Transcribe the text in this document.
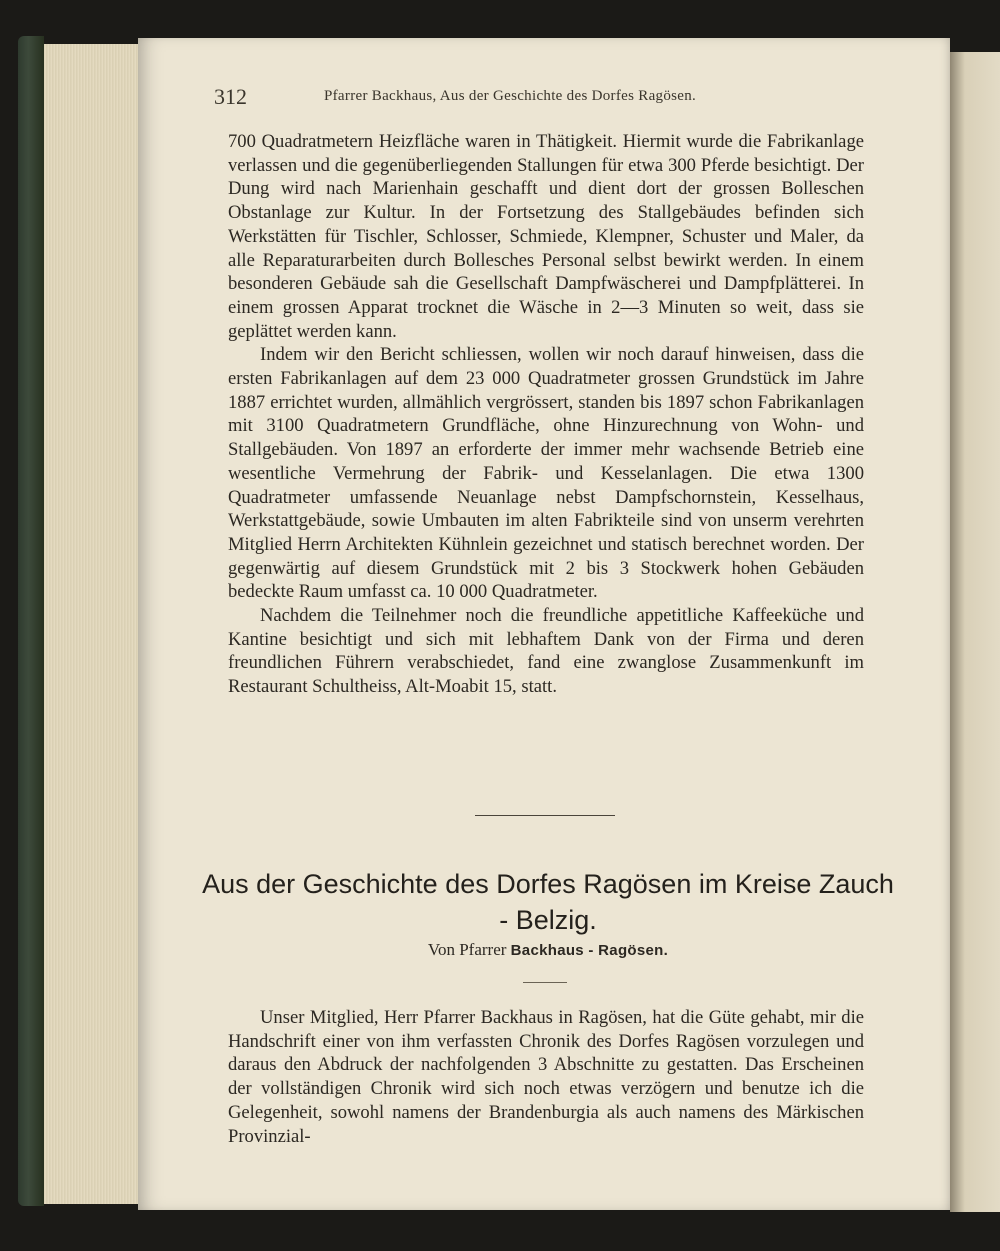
312	Pfarrer Backhaus, Aus der Geschichte des Dorfes Ragösen.

700 Quadratmetern Heizfläche waren in Thätigkeit. Hiermit wurde die Fabrikanlage verlassen und die gegenüberliegenden Stallungen für etwa 300 Pferde besichtigt. Der Dung wird nach Marienhain geschafft und dient dort der grossen Bolleschen Obstanlage zur Kultur. In der Fortsetzung des Stallgebäudes befinden sich Werkstätten für Tischler, Schlosser, Schmiede, Klempner, Schuster und Maler, da alle Reparaturarbeiten durch Bollesches Personal selbst bewirkt werden. In einem besonderen Gebäude sah die Gesellschaft Dampfwäscherei und Dampfplätterei. In einem grossen Apparat trocknet die Wäsche in 2—3 Minuten so weit, dass sie geplättet werden kann.

Indem wir den Bericht schliessen, wollen wir noch darauf hinweisen, dass die ersten Fabrikanlagen auf dem 23 000 Quadratmeter grossen Grundstück im Jahre 1887 errichtet wurden, allmählich vergrössert, standen bis 1897 schon Fabrikanlagen mit 3100 Quadratmetern Grundfläche, ohne Hinzurechnung von Wohn- und Stallgebäuden. Von 1897 an erforderte der immer mehr wachsende Betrieb eine wesentliche Vermehrung der Fabrik- und Kesselanlagen. Die etwa 1300 Quadratmeter umfassende Neuanlage nebst Dampfschornstein, Kesselhaus, Werkstattgebäude, sowie Umbauten im alten Fabrikteile sind von unserm verehrten Mitglied Herrn Architekten Kühnlein gezeichnet und statisch berechnet worden. Der gegenwärtig auf diesem Grundstück mit 2 bis 3 Stockwerk hohen Gebäuden bedeckte Raum umfasst ca. 10 000 Quadratmeter.

Nachdem die Teilnehmer noch die freundliche appetitliche Kaffeeküche und Kantine besichtigt und sich mit lebhaftem Dank von der Firma und deren freundlichen Führern verabschiedet, fand eine zwanglose Zusammenkunft im Restaurant Schultheiss, Alt-Moabit 15, statt.

Aus der Geschichte des Dorfes Ragösen im Kreise Zauch - Belzig.
Von Pfarrer Backhaus - Ragösen.

Unser Mitglied, Herr Pfarrer Backhaus in Ragösen, hat die Güte gehabt, mir die Handschrift einer von ihm verfassten Chronik des Dorfes Ragösen vorzulegen und daraus den Abdruck der nachfolgenden 3 Abschnitte zu gestatten. Das Erscheinen der vollständigen Chronik wird sich noch etwas verzögern und benutze ich die Gelegenheit, sowohl namens der Brandenburgia als auch namens des Märkischen Provinzial-
